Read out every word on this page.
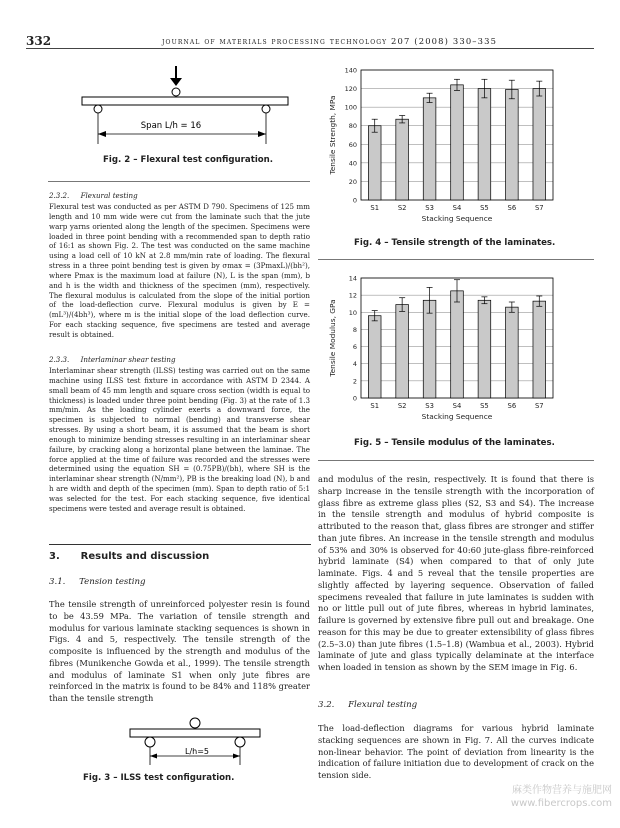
332	journal of materials processing technology 207 (2008) 330–335
Span L/h = 16
Fig. 2 – Flexural test configuration.
2.3.2. Flexural testing
Flexural test was conducted as per ASTM D 790. Specimens of 125 mm length and 10 mm wide were cut from the laminate such that the jute warp yarns oriented along the length of the specimen. Specimens were loaded in three point bending with a recommended span to depth ratio of 16:1 as shown Fig. 2. The test was conducted on the same machine using a load cell of 10 kN at 2.8 mm/min rate of loading. The flexural stress in a three point bending test is given by σmax = (3PmaxL)/(bh²), where Pmax is the maximum load at failure (N), L is the span (mm), b and h is the width and thickness of the specimen (mm), respectively. The flexural modulus is calculated from the slope of the initial portion of the load-deflection curve. Flexural modulus is given by E = (mL³)/(4bh³), where m is the initial slope of the load deflection curve. For each stacking sequence, five specimens are tested and average result is obtained.
2.3.3. Interlaminar shear testing
Interlaminar shear strength (ILSS) testing was carried out on the same machine using ILSS test fixture in accordance with ASTM D 2344. A small beam of 45 mm length and square cross section (width is equal to thickness) is loaded under three point bending (Fig. 3) at the rate of 1.3 mm/min. As the loading cylinder exerts a downward force, the specimen is subjected to normal (bending) and transverse shear stresses. By using a short beam, it is assumed that the beam is short enough to minimize bending stresses resulting in an interlaminar shear failure, by cracking along a horizontal plane between the laminae. The force applied at the time of failure was recorded and the stresses were determined using the equation SH = (0.75PB)/(bh), where SH is the interlaminar shear strength (N/mm²), PB is the breaking load (N), b and h are width and depth of the specimen (mm). Span to depth ratio of 5:1 was selected for the test. For each stacking sequence, five identical specimens were tested and average result is obtained.
3. Results and discussion
3.1. Tension testing
The tensile strength of unreinforced polyester resin is found to be 43.59 MPa. The variation of tensile strength and modulus for various laminate stacking sequences is shown in Figs. 4 and 5, respectively. The tensile strength of the composite is influenced by the strength and modulus of the fibres (Munikenche Gowda et al., 1999). The tensile strength and modulus of laminate S1 when only jute fibres are reinforced in the matrix is found to be 84% and 118% greater than the tensile strength
L/h=5
Fig. 3 – ILSS test configuration.
0
20
40
60
80
100
120
140
S1	S2	S3	S4	S5	S6	S7
Stacking Sequence
Tensile Strength, MPa
Fig. 4 – Tensile strength of the laminates.
0
2
4
6
8
10
12
14
S1	S2	S3	S4	S5	S6	S7
Stacking Sequence
Tensile Modulus, GPa
Fig. 5 – Tensile modulus of the laminates.
and modulus of the resin, respectively. It is found that there is sharp increase in the tensile strength with the incorporation of glass fibre as extreme glass plies (S2, S3 and S4). The increase in the tensile strength and modulus of hybrid composite is attributed to the reason that, glass fibres are stronger and stiffer than jute fibres. An increase in the tensile strength and modulus of 53% and 30% is observed for 40:60 jute-glass fibre-reinforced hybrid laminate (S4) when compared to that of only jute laminate. Figs. 4 and 5 reveal that the tensile properties are slightly affected by layering sequence. Observation of failed specimens revealed that failure in jute laminates is sudden with no or little pull out of jute fibres, whereas in hybrid laminates, failure is governed by extensive fibre pull out and breakage. One reason for this may be due to greater extensibility of glass fibres (2.5–3.0) than jute fibres (1.5–1.8) (Wambua et al., 2003). Hybrid laminate of jute and glass typically delaminate at the interface when loaded in tension as shown by the SEM image in Fig. 6.
3.2. Flexural testing
The load-deflection diagrams for various hybrid laminate stacking sequences are shown in Fig. 7. All the curves indicate non-linear behavior. The point of deviation from linearity is the indication of failure initiation due to development of crack on the tension side.
麻类作物营养与施肥网
www.fibercrops.com
